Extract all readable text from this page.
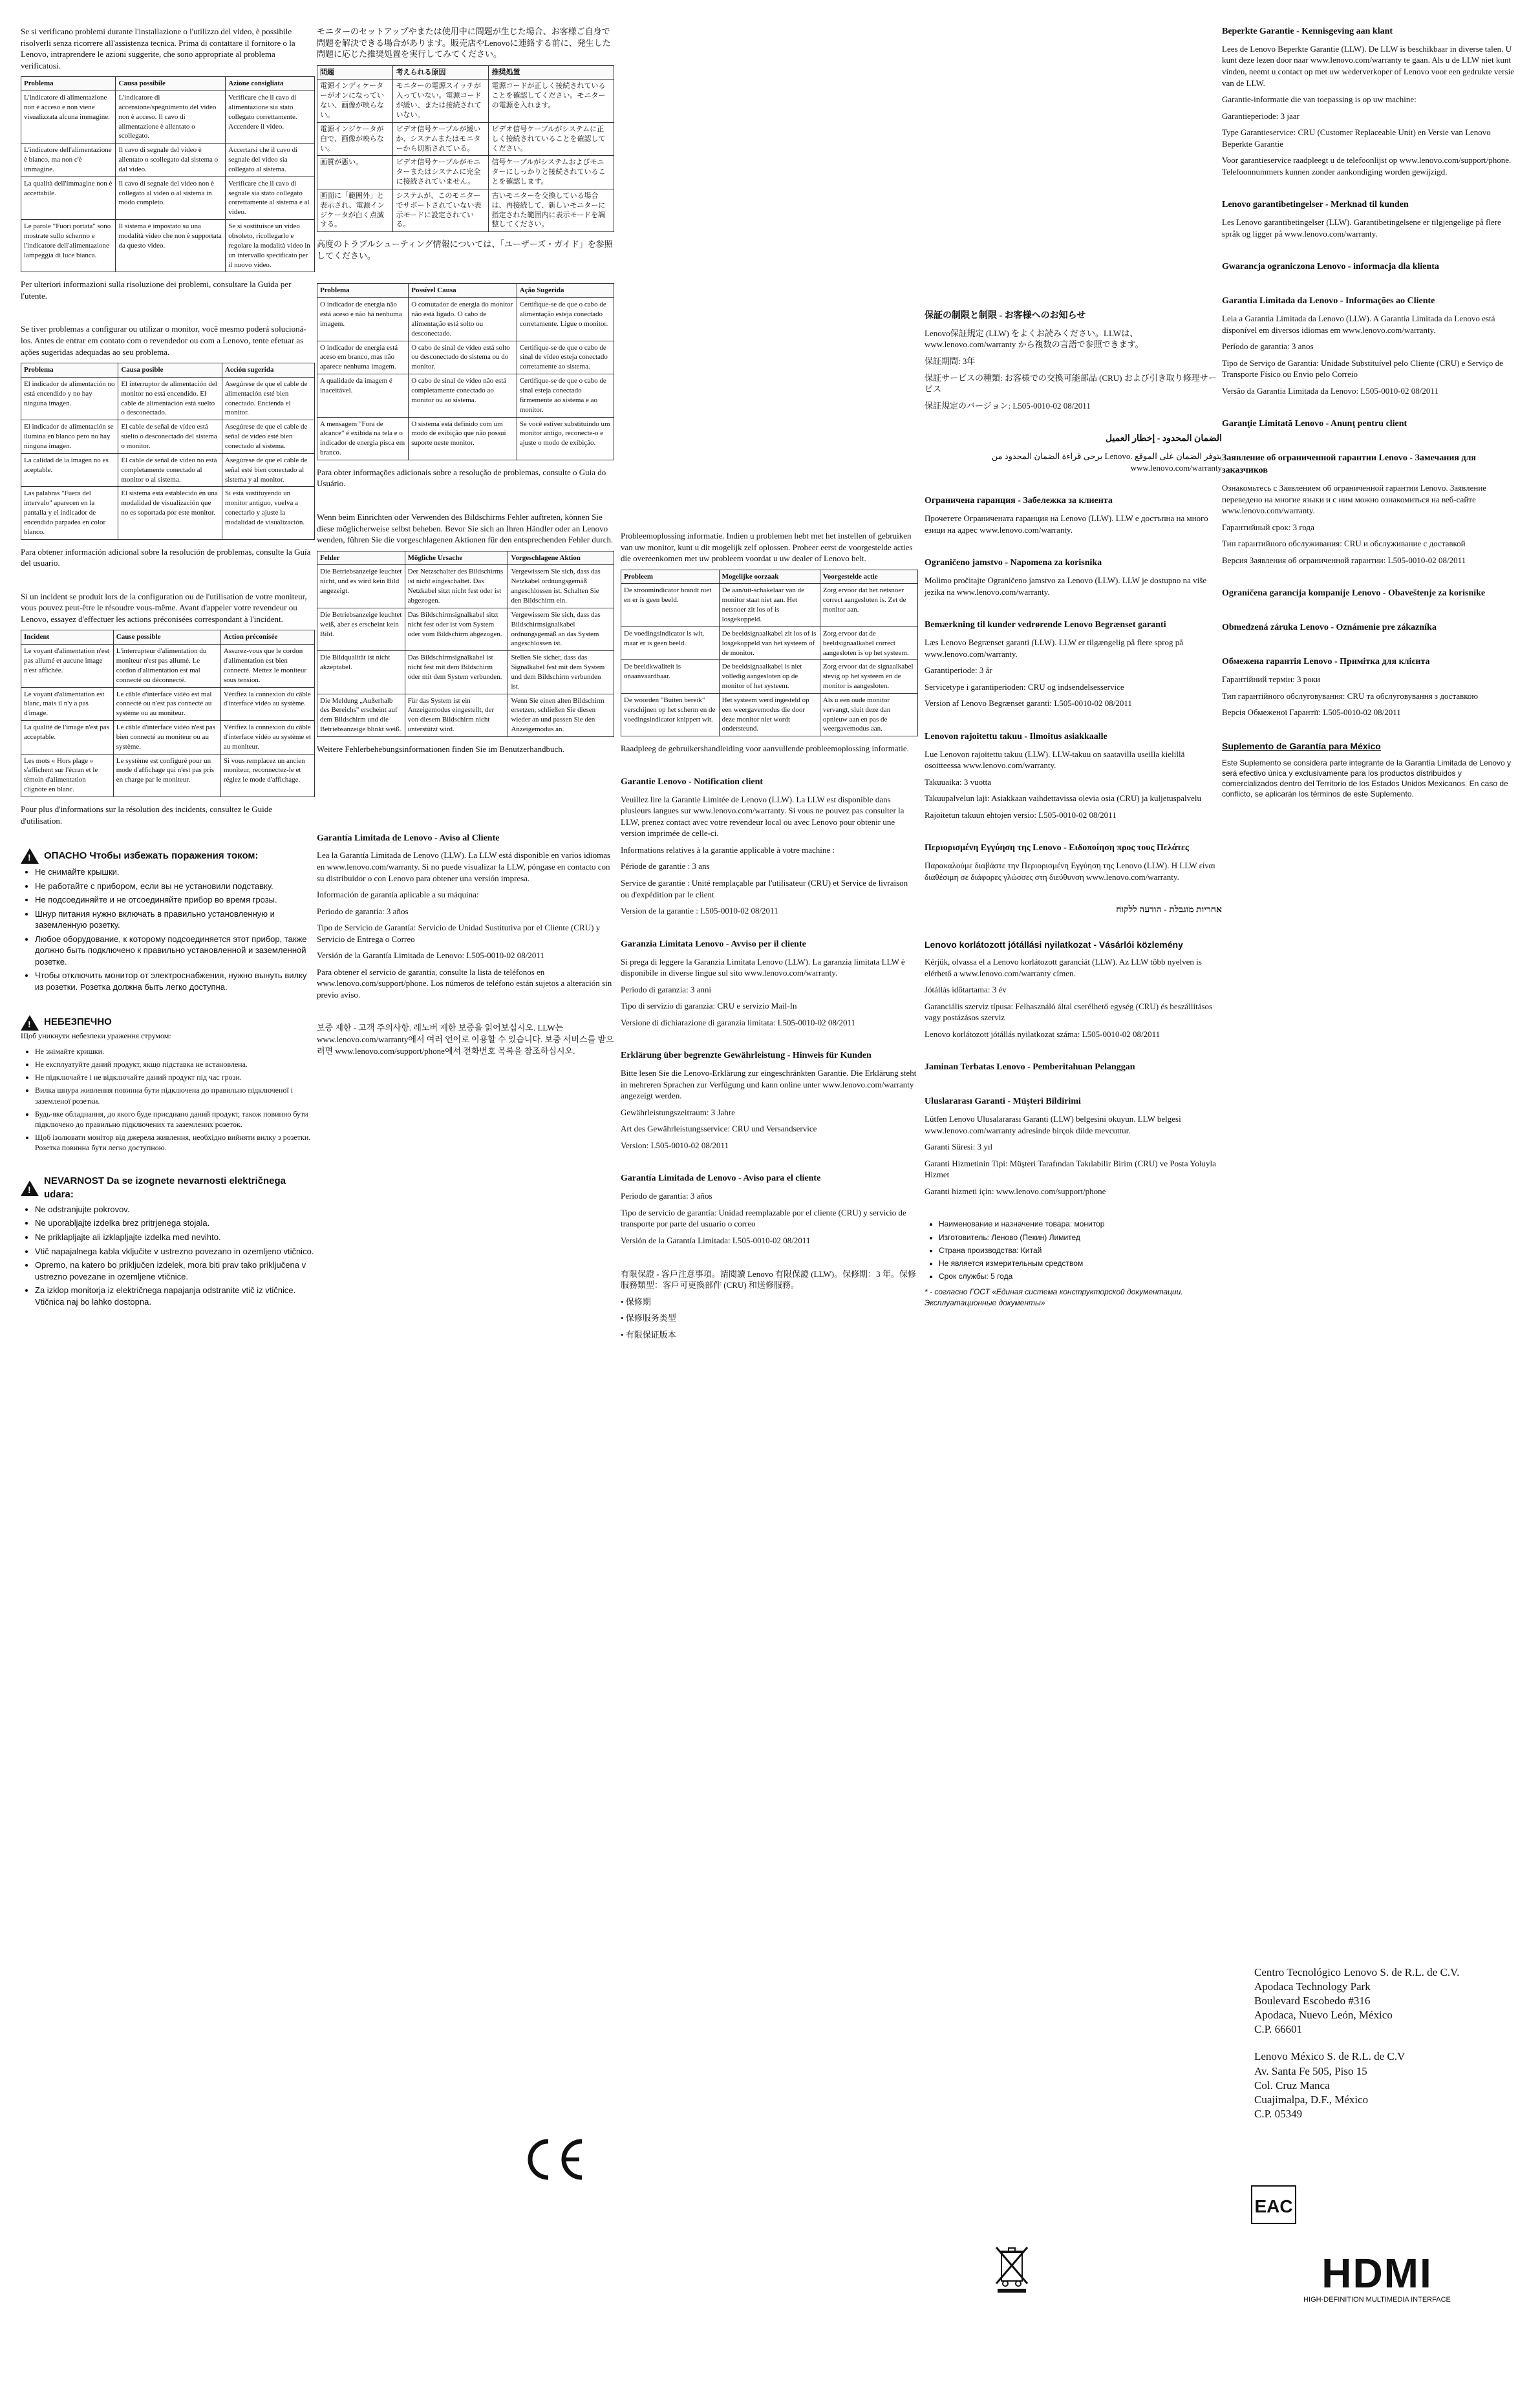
Se si verificano problemi durante l'installazione o l'utilizzo del video, è possibile risolverli senza ricorrere all'assistenza tecnica. Prima di contattare il fornitore o la Lenovo, intraprendere le azioni suggerite, che sono appropriate al problema verificatosi.

Problema	Causa possibile	Azione consigliata
L'indicatore di alimentazione non è acceso e non viene visualizzata alcuna immagine.	L'indicatore di accensione/spegnimento del video non è acceso. Il cavo di alimentazione è allentato o scollegato.	Verificare che il cavo di alimentazione sia stato collegato correttamente. Accendere il video.
L'indicatore dell'alimentazione è bianco, ma non c'è immagine.	Il cavo di segnale del video è allentato o scollegato dal sistema o dal video.	Accertarsi che il cavo di segnale del video sia collegato al sistema.
La qualità dell'immagine non è accettabile.	Il cavo di segnale del video non è collegato al video o al sistema in modo completo.	Verificare che il cavo di segnale sia stato collegato correttamente al sistema e al video.
Le parole "Fuori portata" sono mostrate sullo schermo e l'indicatore dell'alimentazione lampeggia di luce bianca.	Il sistema è impostato su una modalità video che non è supportata da questo video.	Se si sostituisce un video obsoleto, ricollegarlo e regolare la modalità video in un intervallo specificato per il nuovo video.

Per ulteriori informazioni sulla risoluzione dei problemi, consultare la Guida per l'utente.

Se tiver problemas a configurar ou utilizar o monitor, você mesmo poderá solucioná-los. Antes de entrar em contato com o revendedor ou com a Lenovo, tente efetuar as ações sugeridas adequadas ao seu problema.

Problema	Causa posible	Acción sugerida
El indicador de alimentación no está encendido y no hay ninguna imagen.	El interruptor de alimentación del monitor no está encendido. El cable de alimentación está suelto o desconectado.	Asegúrese de que el cable de alimentación esté bien conectado. Encienda el monitor.
El indicador de alimentación se ilumina en blanco pero no hay ninguna imagen.	El cable de señal de vídeo está suelto o desconectado del sistema o monitor.	Asegúrese de que el cable de señal de vídeo esté bien conectado al sistema.
La calidad de la imagen no es aceptable.	El cable de señal de vídeo no está completamente conectado al monitor o al sistema.	Asegúrese de que el cable de señal esté bien conectado al sistema y al monitor.
Las palabras "Fuera del intervalo" aparecen en la pantalla y el indicador de encendido parpadea en color blanco.	El sistema está establecido en una modalidad de visualización que no es soportada por este monitor.	Si está sustituyendo un monitor antiguo, vuelva a conectarlo y ajuste la modalidad de visualización.

Para obtener información adicional sobre la resolución de problemas, consulte la Guía del usuario.

Si un incident se produit lors de la configuration ou de l'utilisation de votre moniteur, vous pouvez peut-être le résoudre vous-même. Avant d'appeler votre revendeur ou Lenovo, essayez d'effectuer les actions préconisées correspondant à l'incident.

Incident	Cause possible	Action préconisée
Le voyant d'alimentation n'est pas allumé et aucune image n'est affichée.	L'interrupteur d'alimentation du moniteur n'est pas allumé. Le cordon d'alimentation est mal connecté ou déconnecté.	Assurez-vous que le cordon d'alimentation est bien connecté. Mettez le moniteur sous tension.
Le voyant d'alimentation est blanc, mais il n'y a pas d'image.	Le câble d'interface vidéo est mal connecté ou n'est pas connecté au système ou au moniteur.	Vérifiez la connexion du câble d'interface vidéo au système.
La qualité de l'image n'est pas acceptable.	Le câble d'interface vidéo n'est pas bien connecté au moniteur ou au système.	Vérifiez la connexion du câble d'interface vidéo au système et au moniteur.
Les mots « Hors plage » s'affichent sur l'écran et le témoin d'alimentation clignote en blanc.	Le système est configuré pour un mode d'affichage qui n'est pas pris en charge par le moniteur.	Si vous remplacez un ancien moniteur, reconnectez-le et réglez le mode d'affichage.

Pour plus d'informations sur la résolution des incidents, consultez le Guide d'utilisation.

!
ОПАСНО Чтобы избежать поражения током:
• Не снимайте крышки.
• Не работайте с прибором, если вы не установили подставку.
• Не подсоединяйте и не отсоединяйте прибор во время грозы.
• Шнур питания нужно включать в правильно установленную и заземленную розетку.
• Любое оборудование, к которому подсоединяется этот прибор, также должно быть подключено к правильно установленной и заземленной розетке.
• Чтобы отключить монитор от электроснабжения, нужно вынуть вилку из розетки. Розетка должна быть легко доступна.
!
НЕБЕЗПЕЧНО

Щоб уникнути небезпеки ураження струмом:

• Не знімайте кришки.
• Не експлуатуйте даний продукт, якщо підставка не встановлена.
• Не підключайте і не відключайте даний продукт під час грози.
• Вилка шнура живлення повинна бути підключена до правильно підключеної і заземленої розетки.
• Будь-яке обладнання, до якого буде приєднано даний продукт, також повинно бути підключено до правильно підключених та заземлених розеток.
• Щоб ізолювати монітор від джерела живлення, необхідно вийняти вилку з розетки. Розетка повинна бути легко доступною.
!
NEVARNOST Da se izognete nevarnosti električnega udara:
• Ne odstranjujte pokrovov.
• Ne uporabljajte izdelka brez pritrjenega stojala.
• Ne priklapljajte ali izklapljajte izdelka med nevihto.
• Vtič napajalnega kabla vključite v ustrezno povezano in ozemljeno vtičnico.
• Opremo, na katero bo priključen izdelek, mora biti prav tako priključena v ustrezno povezane in ozemljene vtičnice.
• Za izklop monitorja iz električnega napajanja odstranite vtič iz vtičnice. Vtičnica naj bo lahko dostopna.

モニターのセットアップやまたは使用中に問題が生じた場合、お客様ご自身で問題を解決できる場合があります。販売店やLenovoに連絡する前に、発生した問題に応じた推奨処置を実行してみてください。

問題	考えられる原因	推奨処置
電源インディケーターがオンになっていない、画像が映らない。	モニターの電源スイッチが入っていない。電源コードが緩い、または接続されていない。	電源コードが正しく接続されていることを確認してください。モニターの電源を入れます。
電源インジケータが白で、画像が映らない。	ビデオ信号ケーブルが緩いか、システムまたはモニターから切断されている。	ビデオ信号ケーブルがシステムに正しく接続されていることを確認してください。
画質が悪い。	ビデオ信号ケーブルがモニターまたはシステムに完全に接続されていません。	信号ケーブルがシステムおよびモニターにしっかりと接続されていることを確認します。
画面に「範囲外」と表示され、電源インジケータが白く点滅する。	システムが、このモニターでサポートされていない表示モードに設定されている。	古いモニターを交換している場合は、再接続して、新しいモニターに指定された範囲内に表示モードを調整してください。

高度のトラブルシューティング情報については、「ユーザーズ・ガイド」を参照してください。

Problema	Possível Causa	Ação Sugerida
O indicador de energia não está aceso e não há nenhuma imagem.	O comutador de energia do monitor não está ligado. O cabo de alimentação está solto ou desconectado.	Certifique-se de que o cabo de alimentação esteja conectado corretamente. Ligue o monitor.
O indicador de energia está aceso em branco, mas não aparece nenhuma imagem.	O cabo de sinal de vídeo está solto ou desconectado do sistema ou do monitor.	Certifique-se de que o cabo de sinal de vídeo esteja conectado corretamente ao sistema.
A qualidade da imagem é inaceitável.	O cabo de sinal de vídeo não está completamente conectado ao monitor ou ao sistema.	Certifique-se de que o cabo de sinal esteja conectado firmemente ao sistema e ao monitor.
A mensagem "Fora de alcance" é exibida na tela e o indicador de energia pisca em branco.	O sistema está definido com um modo de exibição que não possui suporte neste monitor.	Se você estiver substituindo um monitor antigo, reconecte-o e ajuste o modo de exibição.

Para obter informações adicionais sobre a resolução de problemas, consulte o Guia do Usuário.

Wenn beim Einrichten oder Verwenden des Bildschirms Fehler auftreten, können Sie diese möglicherweise selbst beheben. Bevor Sie sich an Ihren Händler oder an Lenovo wenden, führen Sie die vorgeschlagenen Aktionen für den entsprechenden Fehler durch.

Fehler	Mögliche Ursache	Vorgeschlagene Aktion
Die Betriebsanzeige leuchtet nicht, und es wird kein Bild angezeigt.	Der Netzschalter des Bildschirms ist nicht eingeschaltet. Das Netzkabel sitzt nicht fest oder ist abgezogen.	Vergewissern Sie sich, dass das Netzkabel ordnungsgemäß angeschlossen ist. Schalten Sie den Bildschirm ein.
Die Betriebsanzeige leuchtet weiß, aber es erscheint kein Bild.	Das Bildschirmsignalkabel sitzt nicht fest oder ist vom System oder vom Bildschirm abgezogen.	Vergewissern Sie sich, dass das Bildschirmsignalkabel ordnungsgemäß an das System angeschlossen ist.
Die Bildqualität ist nicht akzeptabel.	Das Bildschirmsignalkabel ist nicht fest mit dem Bildschirm oder mit dem System verbunden.	Stellen Sie sicher, dass das Signalkabel fest mit dem System und dem Bildschirm verbunden ist.
Die Meldung „Außerhalb des Bereichs" erscheint auf dem Bildschirm und die Betriebsanzeige blinkt weiß.	Für das System ist ein Anzeigemodus eingestellt, der von diesem Bildschirm nicht unterstützt wird.	Wenn Sie einen alten Bildschirm ersetzen, schließen Sie diesen wieder an und passen Sie den Anzeigemodus an.

Weitere Fehlerbehebungsinformationen finden Sie im Benutzerhandbuch.

Garantía Limitada de Lenovo - Aviso al Cliente

Lea la Garantía Limitada de Lenovo (LLW). La LLW está disponible en varios idiomas en www.lenovo.com/warranty. Si no puede visualizar la LLW, póngase en contacto con su distribuidor o con Lenovo para obtener una versión impresa.

Información de garantía aplicable a su máquina:

Periodo de garantía: 3 años

Tipo de Servicio de Garantía: Servicio de Unidad Sustitutiva por el Cliente (CRU) y Servicio de Entrega o Correo

Versión de la Garantía Limitada de Lenovo: L505-0010-02 08/2011

Para obtener el servicio de garantía, consulte la lista de teléfonos en www.lenovo.com/support/phone. Los números de teléfono están sujetos a alteración sin previo aviso.

보증 제한 - 고객 주의사항. 레노버 제한 보증을 읽어보십시오. LLW는 www.lenovo.com/warranty에서 여러 언어로 이용할 수 있습니다. 보증 서비스를 받으려면 www.lenovo.com/support/phone에서 전화번호 목록을 참조하십시오.

Probleemoplossing informatie. Indien u problemen hebt met het instellen of gebruiken van uw monitor, kunt u dit mogelijk zelf oplossen. Probeer eerst de voorgestelde acties die overeenkomen met uw probleem voordat u uw dealer of Lenovo belt.

Probleem	Mogelijke oorzaak	Voorgestelde actie
De stroomindicator brandt niet en er is geen beeld.	De aan/uit-schakelaar van de monitor staat niet aan. Het netsnoer zit los of is losgekoppeld.	Zorg ervoor dat het netsnoer correct aangesloten is. Zet de monitor aan.
De voedingsindicator is wit, maar er is geen beeld.	De beeldsignaalkabel zit los of is losgekoppeld van het systeem of de monitor.	Zorg ervoor dat de beeldsignaalkabel correct aangesloten is op het systeem.
De beeldkwaliteit is onaanvaardbaar.	De beeldsignaalkabel is niet volledig aangesloten op de monitor of het systeem.	Zorg ervoor dat de signaalkabel stevig op het systeem en de monitor is aangesloten.
De woorden "Buiten bereik" verschijnen op het scherm en de voedingsindicator knippert wit.	Het systeem werd ingesteld op een weergavemodus die door deze monitor niet wordt ondersteund.	Als u een oude monitor vervangt, sluit deze dan opnieuw aan en pas de weergavemodus aan.

Raadpleeg de gebruikershandleiding voor aanvullende probleemoplossing informatie.

Garantie Lenovo - Notification client

Veuillez lire la Garantie Limitée de Lenovo (LLW). La LLW est disponible dans plusieurs langues sur www.lenovo.com/warranty. Si vous ne pouvez pas consulter la LLW, prenez contact avec votre revendeur local ou avec Lenovo pour obtenir une version imprimée de celle-ci.

Informations relatives à la garantie applicable à votre machine :

Période de garantie : 3 ans

Service de garantie : Unité remplaçable par l'utilisateur (CRU) et Service de livraison ou d'expédition par le client

Version de la garantie : L505-0010-02 08/2011

Garanzia Limitata Lenovo - Avviso per il cliente

Si prega di leggere la Garanzia Limitata Lenovo (LLW). La garanzia limitata LLW è disponibile in diverse lingue sul sito www.lenovo.com/warranty.

Periodo di garanzia: 3 anni

Tipo di servizio di garanzia: CRU e servizio Mail-In

Versione di dichiarazione di garanzia limitata: L505-0010-02 08/2011

Erklärung über begrenzte Gewährleistung - Hinweis für Kunden

Bitte lesen Sie die Lenovo-Erklärung zur eingeschränkten Garantie. Die Erklärung steht in mehreren Sprachen zur Verfügung und kann online unter www.lenovo.com/warranty angezeigt werden.

Gewährleistungszeitraum: 3 Jahre

Art des Gewährleistungsservice: CRU und Versandservice

Version: L505-0010-02 08/2011

Garantía Limitada de Lenovo - Aviso para el cliente

Periodo de garantía: 3 años

Tipo de servicio de garantía: Unidad reemplazable por el cliente (CRU) y servicio de transporte por parte del usuario o correo

Versión de la Garantía Limitada: L505-0010-02 08/2011

有限保證 - 客戶注意事項。請閱讀 Lenovo 有限保證 (LLW)。保修期：3 年。保修服務類型：客戶可更換部件 (CRU) 和送修服務。

• 保修期

• 保修服务类型

• 有限保证版本

保証の制限と制限 - お客様へのお知らせ

Lenovo保証規定 (LLW) をよくお読みください。LLWは、www.lenovo.com/warranty から複数の言語で参照できます。

保証期間: 3年

保証サービスの種類: お客様での交換可能部品 (CRU) および引き取り修理サービス

保証規定のバージョン: L505-0010-02 08/2011

الضمان المحدود - إخطار العميل

يرجى قراءة الضمان المحدود من Lenovo. يتوفر الضمان على الموقع www.lenovo.com/warranty

Ограничена гаранция - Забележка за клиента

Прочетете Ограничената гаранция на Lenovo (LLW). LLW е достъпна на много езици на адрес www.lenovo.com/warranty.

Ograničeno jamstvo - Napomena za korisnika

Molimo pročitajte Ograničeno jamstvo za Lenovo (LLW). LLW je dostupno na više jezika na www.lenovo.com/warranty.

Bemærkning til kunder vedrørende Lenovo Begrænset garanti

Læs Lenovo Begrænset garanti (LLW). LLW er tilgængelig på flere sprog på www.lenovo.com/warranty.

Garantiperiode: 3 år

Servicetype i garantiperioden: CRU og indsendelsesservice

Version af Lenovo Begrænset garanti: L505-0010-02 08/2011

Lenovon rajoitettu takuu - Ilmoitus asiakkaalle

Lue Lenovon rajoitettu takuu (LLW). LLW-takuu on saatavilla useilla kielillä osoitteessa www.lenovo.com/warranty.

Takuuaika: 3 vuotta

Takuupalvelun laji: Asiakkaan vaihdettavissa olevia osia (CRU) ja kuljetuspalvelu

Rajoitetun takuun ehtojen versio: L505-0010-02 08/2011

Περιορισμένη Εγγύηση της Lenovo - Ειδοποίηση προς τους Πελάτες

Παρακαλούμε διαβάστε την Περιορισμένη Εγγύηση της Lenovo (LLW). Η LLW είναι διαθέσιμη σε διάφορες γλώσσες στη διεύθυνση www.lenovo.com/warranty.

אחריות מוגבלת - הודעה ללקוח
Lenovo korlátozott jótállási nyilatkozat - Vásárlói közlemény

Kérjük, olvassa el a Lenovo korlátozott garanciát (LLW). Az LLW több nyelven is elérhető a www.lenovo.com/warranty címen.

Jótállás időtartama: 3 év

Garanciális szerviz típusa: Felhasználó által cserélhető egység (CRU) és beszállításos vagy postázásos szerviz

Lenovo korlátozott jótállás nyilatkozat száma: L505-0010-02 08/2011

Jaminan Terbatas Lenovo - Pemberitahuan Pelanggan
Uluslararası Garanti - Müşteri Bildirimi

Lütfen Lenovo Ulusalararası Garanti (LLW) belgesini okuyun. LLW belgesi www.lenovo.com/warranty adresinde birçok dilde mevcuttur.

Garanti Süresi: 3 yıl

Garanti Hizmetinin Tipi: Müşteri Tarafından Takılabilir Birim (CRU) ve Posta Yoluyla Hizmet

Garanti hizmeti için: www.lenovo.com/support/phone

• Наименование и назначение товара: монитор
• Изготовитель: Леново (Пекин) Лимитед
• Страна производства: Китай
• Не является измерительным средством
• Срок службы: 5 года

* - согласно ГОСТ «Единая система конструкторской документации. Эксплуатационные документы»

Beperkte Garantie - Kennisgeving aan klant

Lees de Lenovo Beperkte Garantie (LLW). De LLW is beschikbaar in diverse talen. U kunt deze lezen door naar www.lenovo.com/warranty te gaan. Als u de LLW niet kunt vinden, neemt u contact op met uw wederverkoper of Lenovo voor een gedrukte versie van de LLW.

Garantie-informatie die van toepassing is op uw machine:

Garantieperiode: 3 jaar

Type Garantieservice: CRU (Customer Replaceable Unit) en Versie van Lenovo Beperkte Garantie

Voor garantieservice raadpleegt u de telefoonlijst op www.lenovo.com/support/phone. Telefoonnummers kunnen zonder aankondiging worden gewijzigd.

Lenovo garantibetingelser - Merknad til kunden

Les Lenovo garantibetingelser (LLW). Garantibetingelsene er tilgjengelige på flere språk og ligger på www.lenovo.com/warranty.

Gwarancja ograniczona Lenovo - informacja dla klienta
Garantia Limitada da Lenovo - Informações ao Cliente

Leia a Garantia Limitada da Lenovo (LLW). A Garantia Limitada da Lenovo está disponível em diversos idiomas em www.lenovo.com/warranty.

Período de garantia: 3 anos

Tipo de Serviço de Garantia: Unidade Substituível pelo Cliente (CRU) e Serviço de Transporte Físico ou Envio pelo Correio

Versão da Garantia Limitada da Lenovo: L505-0010-02 08/2011

Garanţie Limitată Lenovo - Anunţ pentru client
Заявление об ограниченной гарантии Lenovo - Замечания для заказчиков

Ознакомьтесь с Заявлением об ограниченной гарантии Lenovo. Заявление переведено на многие языки и с ним можно ознакомиться на веб-сайте www.lenovo.com/warranty.

Гарантийный срок: 3 года

Тип гарантийного обслуживания: CRU и обслуживание с доставкой

Версия Заявления об ограниченной гарантии: L505-0010-02 08/2011

Ograničena garancija kompanije Lenovo - Obaveštenje za korisnike
Obmedzená záruka Lenovo - Oznámenie pre zákazníka
Обмежена гарантія Lenovo - Примітка для клієнта

Гарантійний термін: 3 роки

Тип гарантійного обслуговування: CRU та обслуговування з доставкою

Версія Обмеженої Гарантії: L505-0010-02 08/2011

Suplemento de Garantía para México

Este Suplemento se considera parte integrante de la Garantía Limitada de Lenovo y será efectivo única y exclusivamente para los productos distribuidos y comercializados dentro del Territorio de los Estados Unidos Mexicanos. En caso de conflicto, se aplicarán los términos de este Suplemento.

Centro Tecnológico Lenovo S. de R.L. de C.V.
Apodaca Technology Park
Boulevard Escobedo #316
Apodaca, Nuevo León, México
C.P. 66601

Lenovo México S. de R.L. de C.V
Av. Santa Fe 505, Piso 15
Col. Cruz Manca
Cuajimalpa, D.F., México
C.P. 05349

EAC
HDMI
HIGH-DEFINITION MULTIMEDIA INTERFACE
